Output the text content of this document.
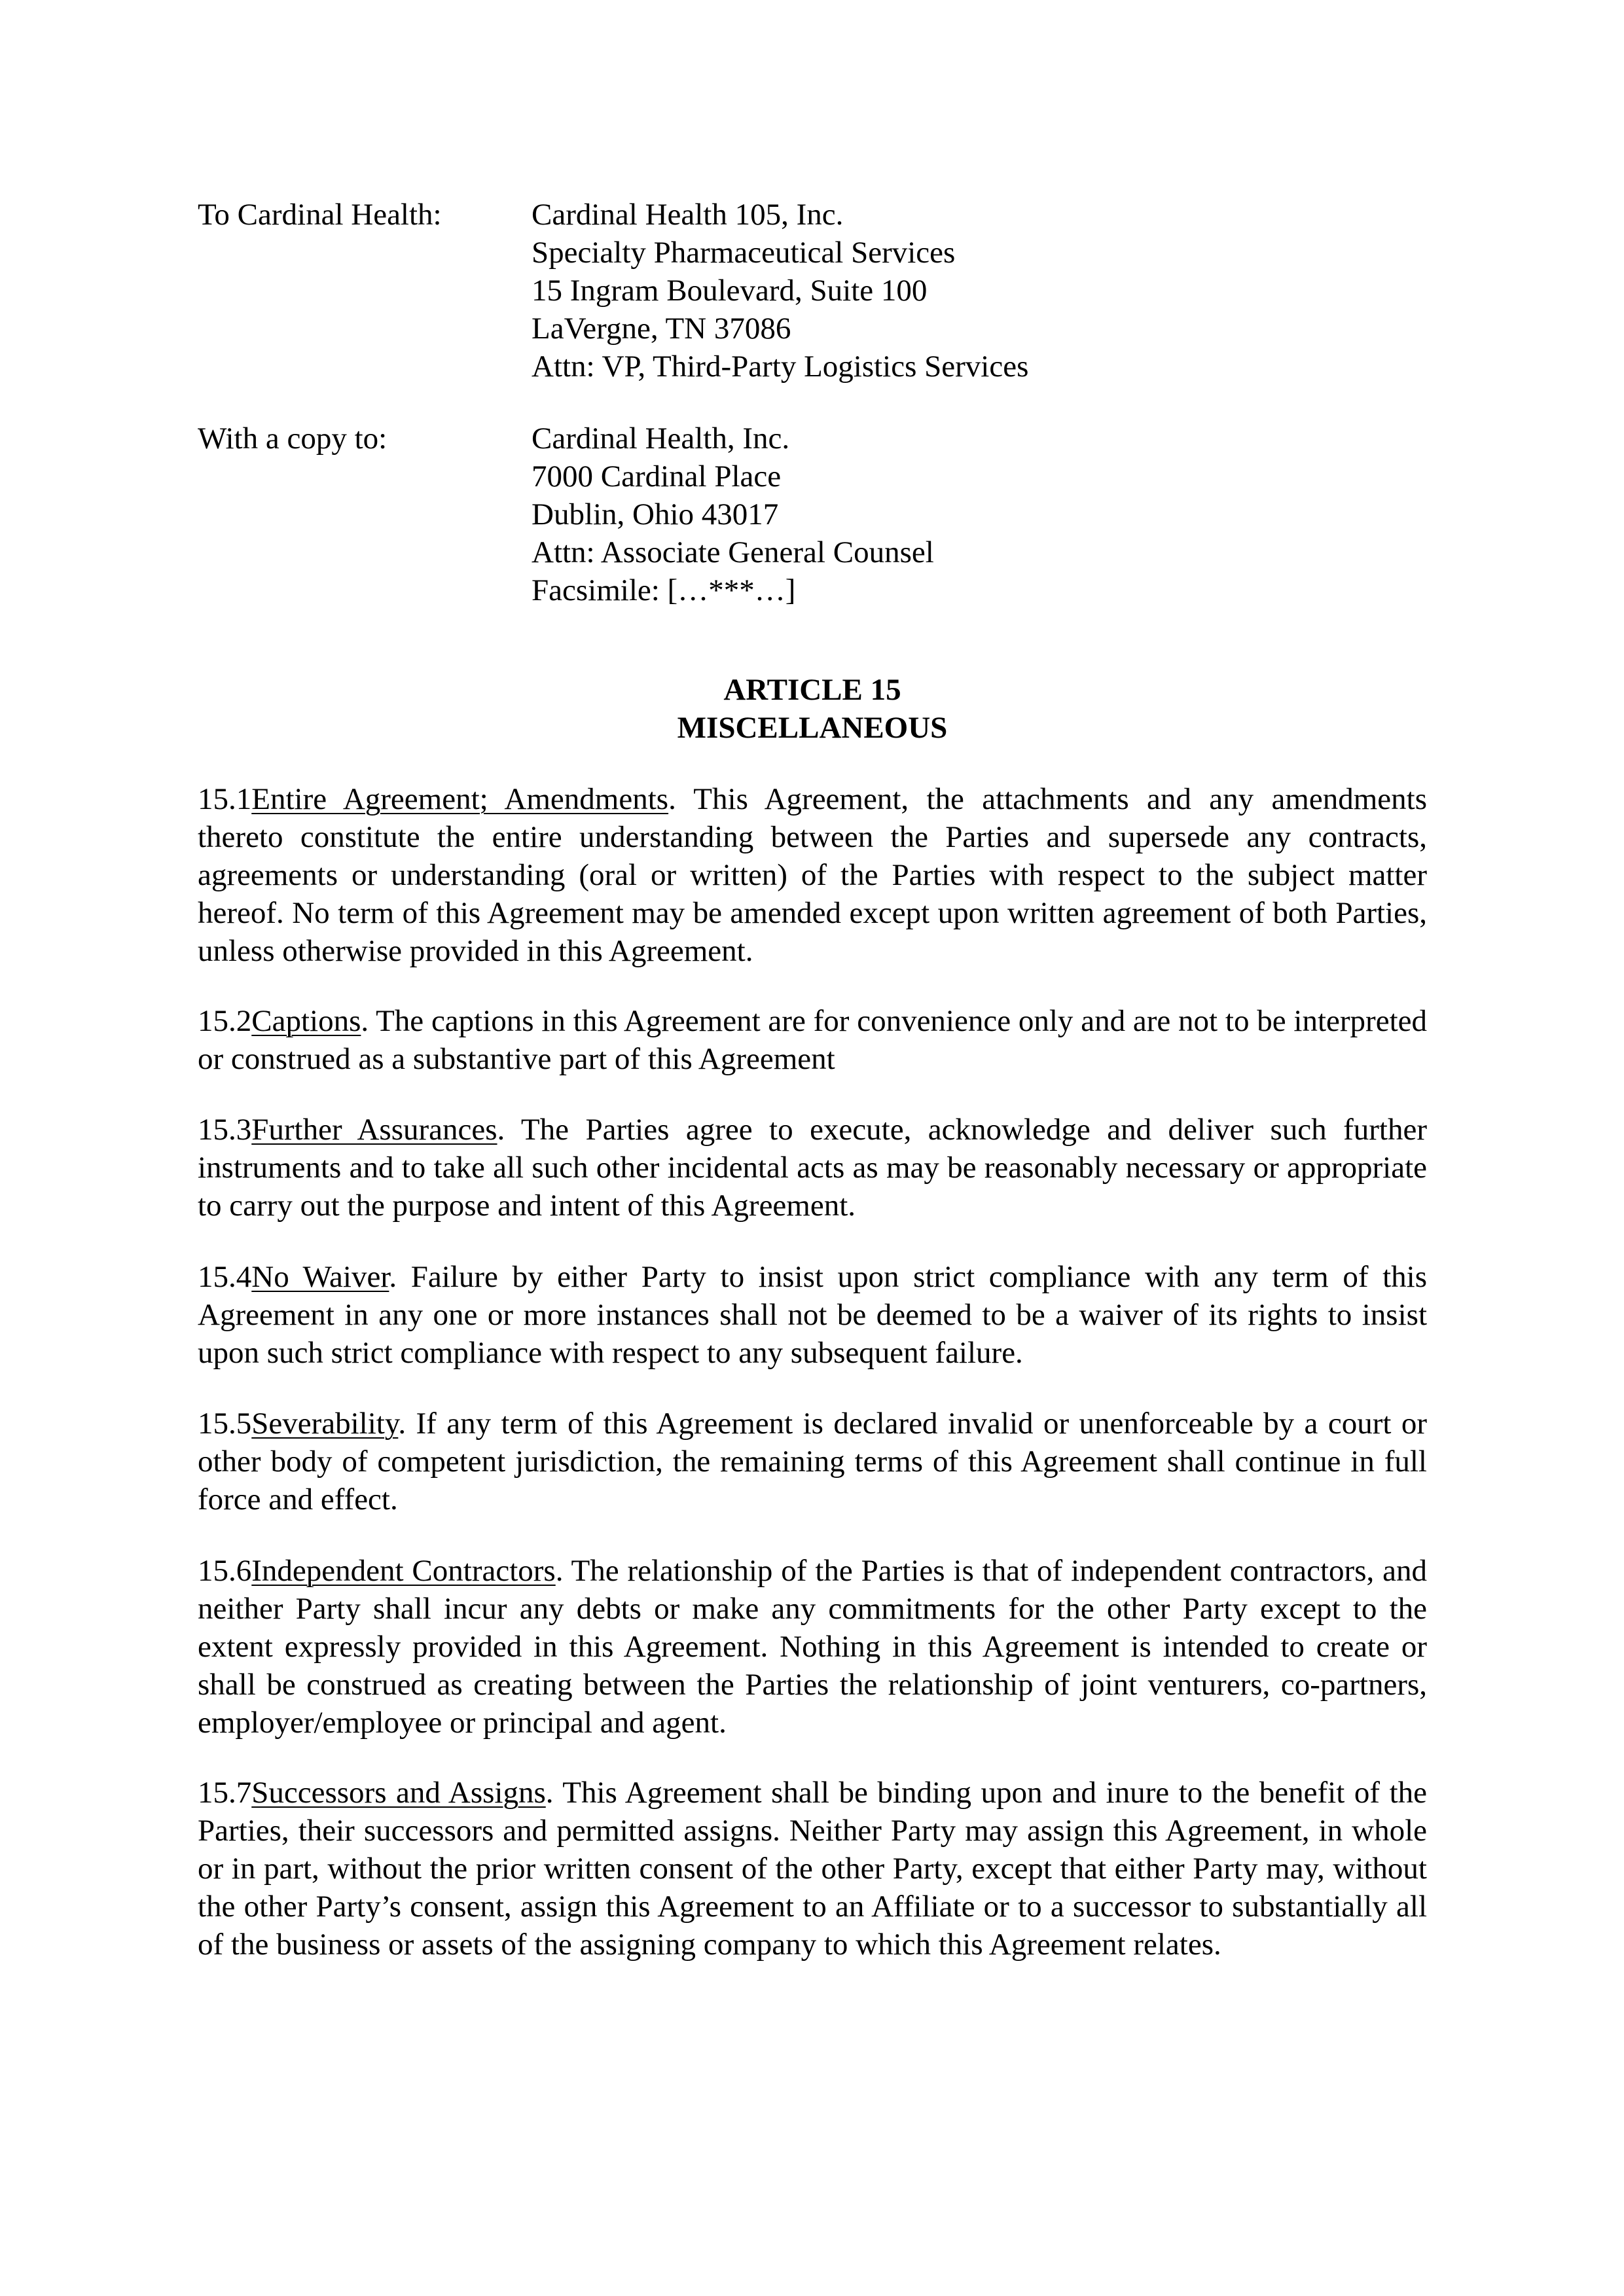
To Cardinal Health:	Cardinal Health 105, Inc.
Specialty Pharmaceutical Services
15 Ingram Boulevard, Suite 100
LaVergne, TN 37086
Attn: VP, Third-Party Logistics Services
With a copy to:	Cardinal Health, Inc.
7000 Cardinal Place
Dublin, Ohio 43017
Attn: Associate General Counsel
Facsimile: […***…]
ARTICLE 15
MISCELLANEOUS
15.1Entire Agreement; Amendments. This Agreement, the attachments and any amendments thereto constitute the entire understanding between the Parties and supersede any contracts, agreements or understanding (oral or written) of the Parties with respect to the subject matter hereof. No term of this Agreement may be amended except upon written agreement of both Parties, unless otherwise provided in this Agreement.
15.2Captions. The captions in this Agreement are for convenience only and are not to be interpreted or construed as a substantive part of this Agreement
15.3Further Assurances. The Parties agree to execute, acknowledge and deliver such further instruments and to take all such other incidental acts as may be reasonably necessary or appropriate to carry out the purpose and intent of this Agreement.
15.4No Waiver. Failure by either Party to insist upon strict compliance with any term of this Agreement in any one or more instances shall not be deemed to be a waiver of its rights to insist upon such strict compliance with respect to any subsequent failure.
15.5Severability. If any term of this Agreement is declared invalid or unenforceable by a court or other body of competent jurisdiction, the remaining terms of this Agreement shall continue in full force and effect.
15.6Independent Contractors. The relationship of the Parties is that of independent contractors, and neither Party shall incur any debts or make any commitments for the other Party except to the extent expressly provided in this Agreement. Nothing in this Agreement is intended to create or shall be construed as creating between the Parties the relationship of joint venturers, co-partners, employer/employee or principal and agent.
15.7Successors and Assigns. This Agreement shall be binding upon and inure to the benefit of the Parties, their successors and permitted assigns. Neither Party may assign this Agreement, in whole or in part, without the prior written consent of the other Party, except that either Party may, without the other Party’s consent, assign this Agreement to an Affiliate or to a successor to substantially all of the business or assets of the assigning company to which this Agreement relates.
